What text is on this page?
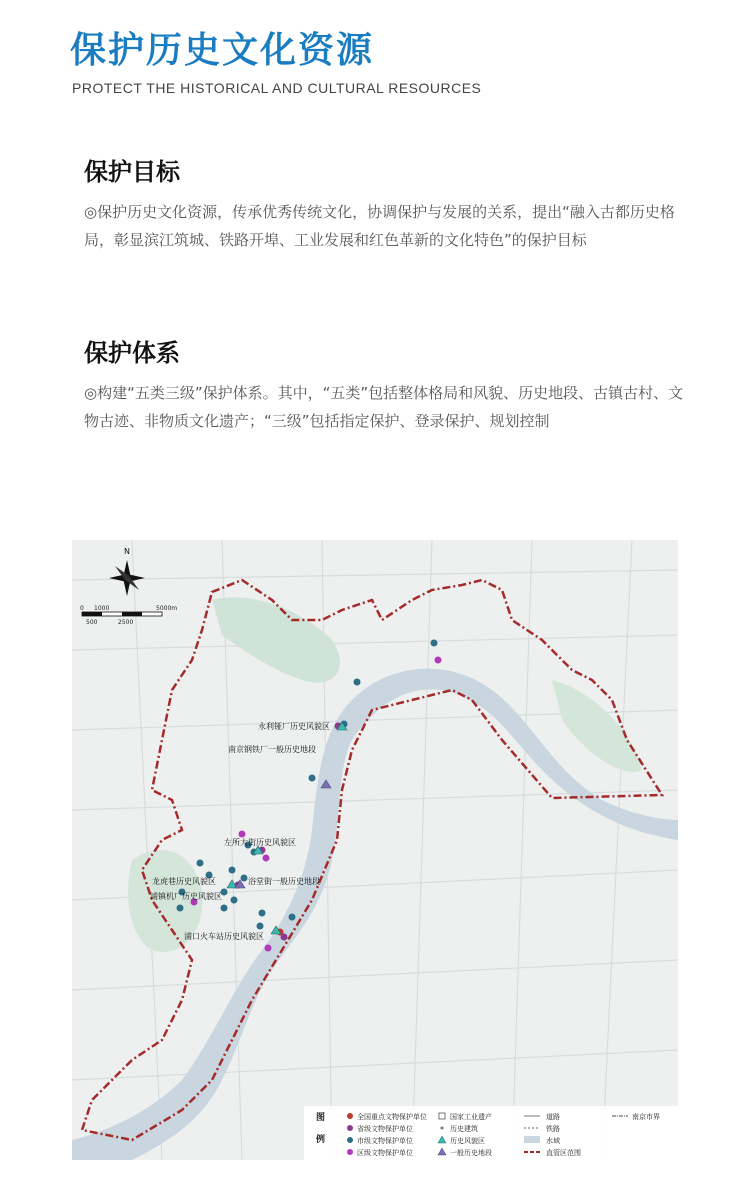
保护历史文化资源
PROTECT THE HISTORICAL AND CULTURAL RESOURCES
保护目标
◎保护历史文化资源，传承优秀传统文化，协调保护与发展的关系，提出“融入古都历史格局，彰显滨江筑城、铁路开埠、工业发展和红色革新的文化特色”的保护目标
保护体系
◎构建“五类三级”保护体系。其中，“五类”包括整体格局和风貌、历史地段、古镇古村、文物古迹、非物质文化遗产；“三级”包括指定保护、登录保护、规划控制
N
0 1000	5000m
500	2500
永利铔厂历史风貌区
南京钢铁厂一般历史地段
左所大街历史风貌区
龙虎巷历史风貌区	浴堂街一般历史地段
浦镇机厂历史风貌区
浦口火车站历史风貌区
图
例
全国重点文物保护单位
省级文物保护单位
市级文物保护单位
区级文物保护单位
国家工业遗产
历史建筑
历史风貌区
一般历史地段
道路
铁路
水域
直管区范围
南京市界
